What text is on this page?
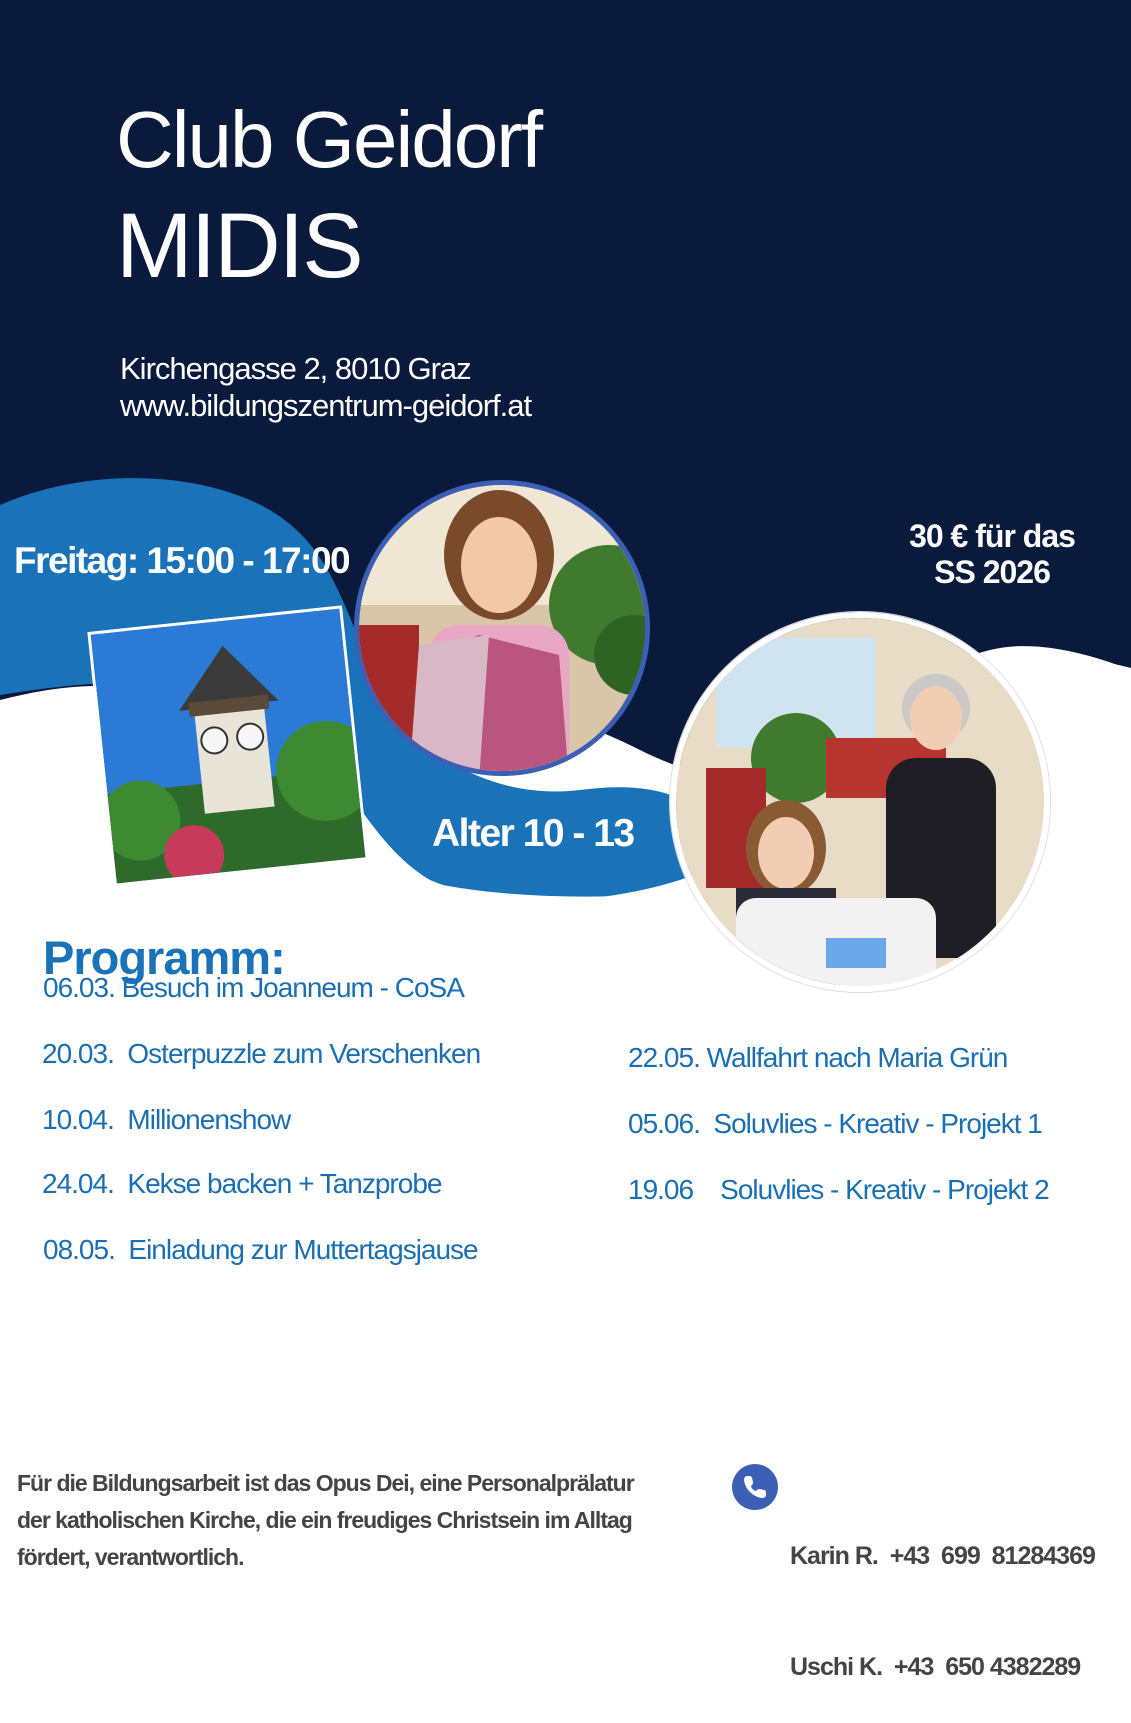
Club Geidorf
MIDIS
Kirchengasse 2, 8010 Graz
www.bildungszentrum-geidorf.at
Freitag: 15:00 - 17:00
30 € für das
SS 2026
Alter 10 - 13
Programm:
06.03. Besuch im Joanneum - CoSA
20.03.  Osterpuzzle zum Verschenken
10.04.  Millionenshow
24.04.  Kekse backen + Tanzprobe
08.05.  Einladung zur Muttertagsjause
22.05. Wallfahrt nach Maria Grün
05.06.  Soluvlies - Kreativ - Projekt 1
19.06    Soluvlies - Kreativ - Projekt 2
Für die Bildungsarbeit ist das Opus Dei, eine Personalprälatur der katholischen Kirche, die ein freudiges Christsein im Alltag fördert, verantwortlich.

	Karin R.  +43  699  81284369

Uschi K.  +43  650 4382289
